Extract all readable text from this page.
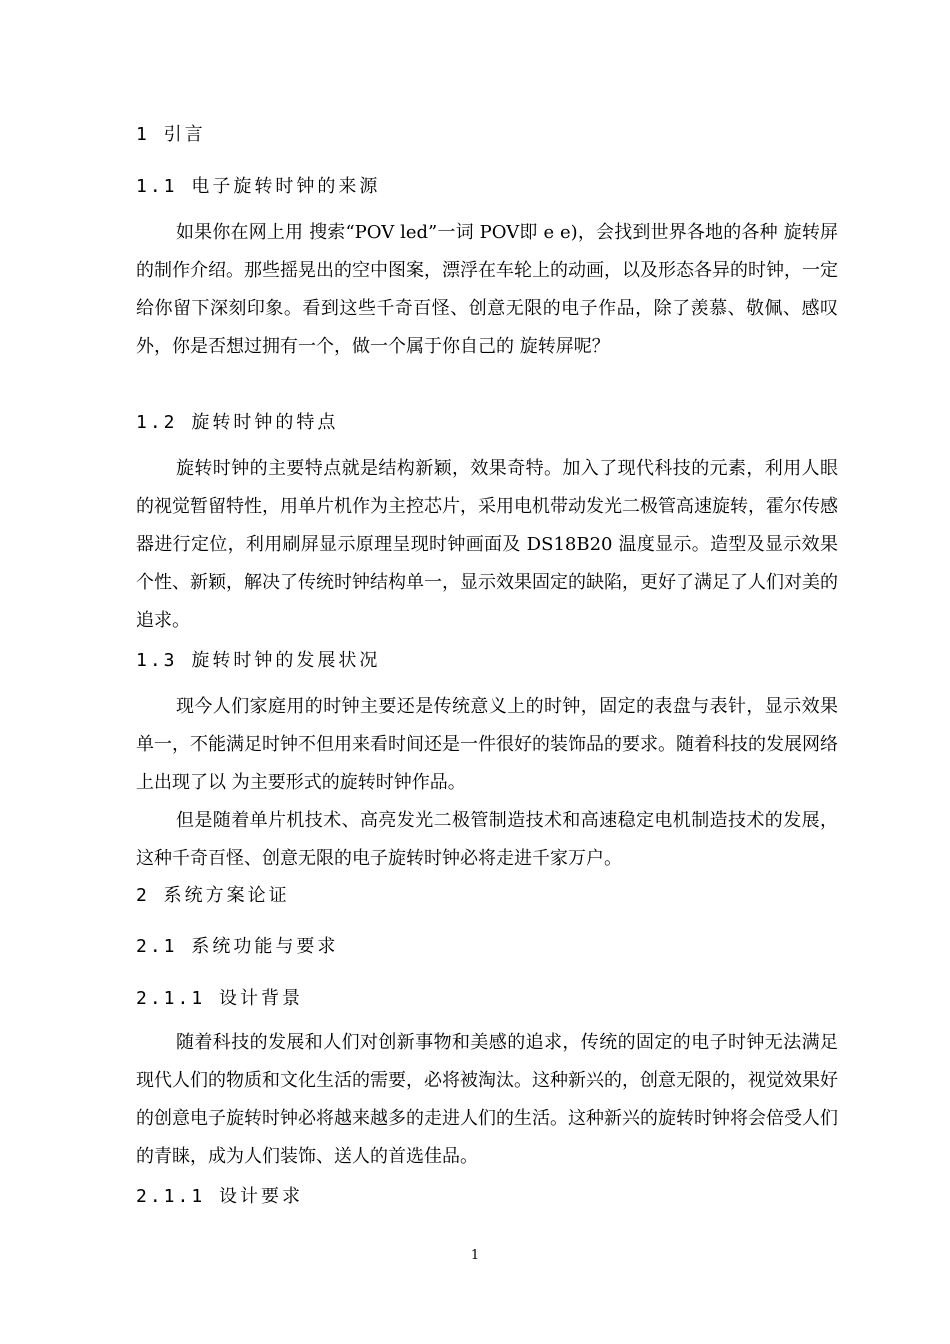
1 引言
1.1 电子旋转时钟的来源

如果你在网上用 搜索“POV led”一词 POV即 e e)，会找到世界各地的各种 旋转屏的制作介绍。那些摇晃出的空中图案，漂浮在车轮上的动画，以及形态各异的时钟，一定给你留下深刻印象。看到这些千奇百怪、创意无限的电子作品，除了羡慕、敬佩、感叹外，你是否想过拥有一个，做一个属于你自己的 旋转屏呢？

1.2 旋转时钟的特点

旋转时钟的主要特点就是结构新颖，效果奇特。加入了现代科技的元素，利用人眼的视觉暂留特性，用单片机作为主控芯片，采用电机带动发光二极管高速旋转，霍尔传感器进行定位，利用刷屏显示原理呈现时钟画面及 DS18B20 温度显示。造型及显示效果个性、新颖，解决了传统时钟结构单一，显示效果固定的缺陷，更好了满足了人们对美的追求。

1.3 旋转时钟的发展状况

现今人们家庭用的时钟主要还是传统意义上的时钟，固定的表盘与表针，显示效果单一，不能满足时钟不但用来看时间还是一件很好的装饰品的要求。随着科技的发展网络上出现了以 为主要形式的旋转时钟作品。

但是随着单片机技术、高亮发光二极管制造技术和高速稳定电机制造技术的发展，这种千奇百怪、创意无限的电子旋转时钟必将走进千家万户。

2 系统方案论证
2.1 系统功能与要求
2.1.1 设计背景

随着科技的发展和人们对创新事物和美感的追求，传统的固定的电子时钟无法满足现代人们的物质和文化生活的需要，必将被淘汰。这种新兴的，创意无限的，视觉效果好的创意电子旋转时钟必将越来越多的走进人们的生活。这种新兴的旋转时钟将会倍受人们的青睐，成为人们装饰、送人的首选佳品。

2.1.1 设计要求
1
